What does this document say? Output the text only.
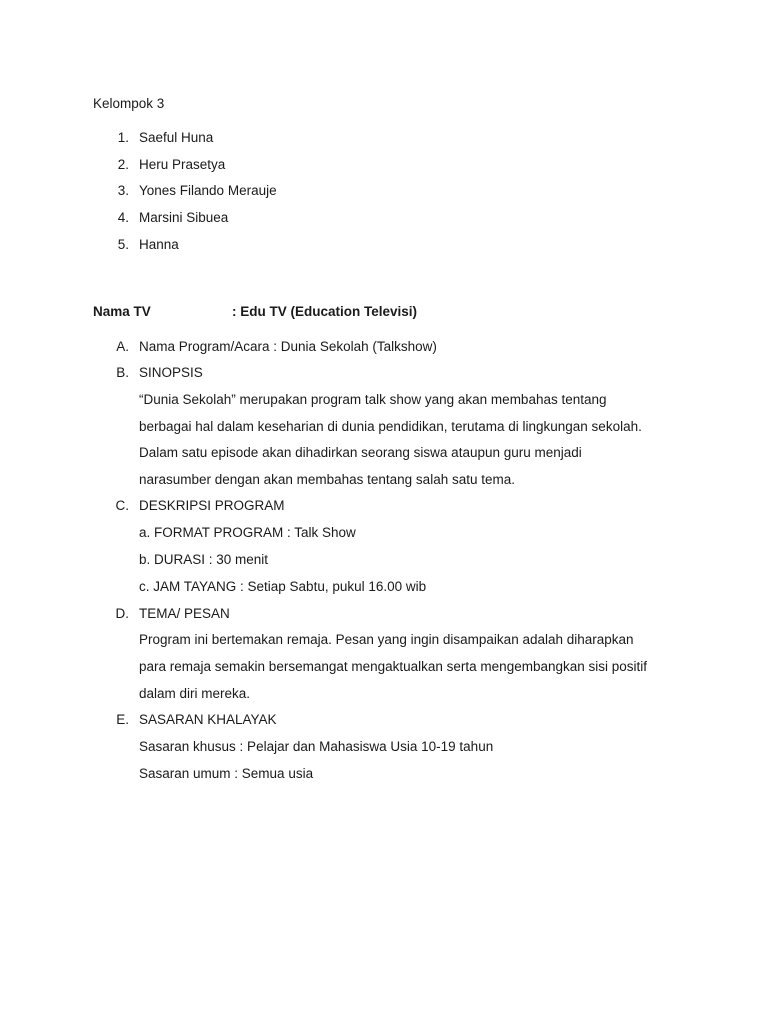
Kelompok 3
1. Saeful Huna
2. Heru Prasetya
3. Yones Filando Merauje
4. Marsini Sibuea
5. Hanna
Nama TV	: Edu TV (Education Televisi)
A. Nama Program/Acara : Dunia Sekolah (Talkshow)
B. SINOPSIS
“Dunia Sekolah” merupakan program talk show yang akan membahas tentang
berbagai hal dalam keseharian di dunia pendidikan, terutama di lingkungan sekolah.
Dalam satu episode akan dihadirkan seorang siswa ataupun guru menjadi
narasumber dengan akan membahas tentang salah satu tema.
C. DESKRIPSI PROGRAM
a. FORMAT PROGRAM : Talk Show
b. DURASI : 30 menit
c. JAM TAYANG : Setiap Sabtu, pukul 16.00 wib
D. TEMA/ PESAN
Program ini bertemakan remaja. Pesan yang ingin disampaikan adalah diharapkan
para remaja semakin bersemangat mengaktualkan serta mengembangkan sisi positif
dalam diri mereka.
E. SASARAN KHALAYAK
Sasaran khusus : Pelajar dan Mahasiswa Usia 10-19 tahun
Sasaran umum : Semua usia
